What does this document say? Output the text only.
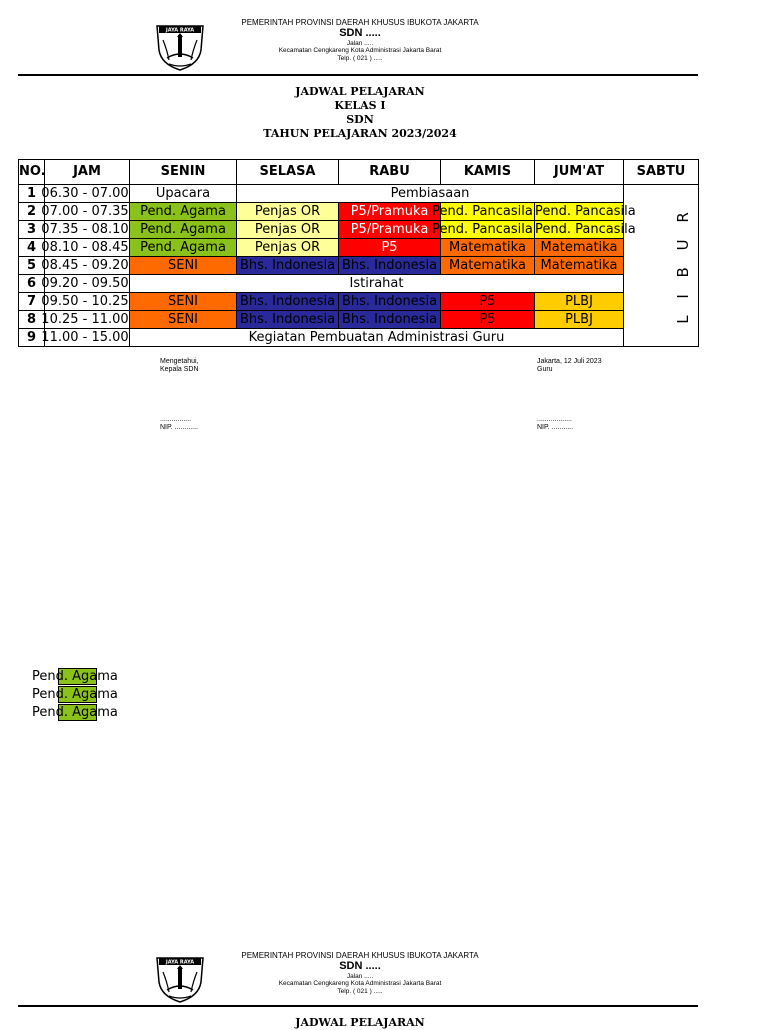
JAYA RAYA
PEMERINTAH PROVINSI DAERAH KHUSUS IBUKOTA JAKARTA
SDN .....
Jalan .....
Kecamatan Cengkareng Kota Administrasi Jakarta Barat
Telp. ( 021 ) .....
JADWAL PELAJARAN
KELAS I
SDN
TAHUN PELAJARAN 2023/2024
NO.	JAM	SENIN	SELASA	RABU	KAMIS	JUM'AT	SABTU
1	06.30 - 07.00	Upacara	Pembiasaan				L I B U R
2	07.00 - 07.35	Pend. Agama	Penjas OR	P5/Pramuka	Pend. Pancasila	Pend. Pancasila	
3	07.35 - 08.10	Pend. Agama	Penjas OR	P5/Pramuka	Pend. Pancasila	Pend. Pancasila	
4	08.10 - 08.45	Pend. Agama	Penjas OR	P5	Matematika	Matematika	
5	08.45 - 09.20	SENI	Bhs. Indonesia	Bhs. Indonesia	Matematika	Matematika	
6	09.20 - 09.50	Istirahat					
7	09.50 - 10.25	SENI	Bhs. Indonesia	Bhs. Indonesia	P5	PLBJ	
8	10.25 - 11.00	SENI	Bhs. Indonesia	Bhs. Indonesia	P5	PLBJ	
9	11.00 - 15.00	Kegiatan Pembuatan Administrasi Guru					
Mengetahui,
Kepala SDN
................
NIP. ............
Jakarta, 12 Juli 2023
Guru
..................
NIP. ...........
Pend. Agama
Pend. Agama
Pend. Agama
JAYA RAYA
PEMERINTAH PROVINSI DAERAH KHUSUS IBUKOTA JAKARTA
SDN .....
Jalan .....
Kecamatan Cengkareng Kota Administrasi Jakarta Barat
Telp. ( 021 ) .....
JADWAL PELAJARAN
